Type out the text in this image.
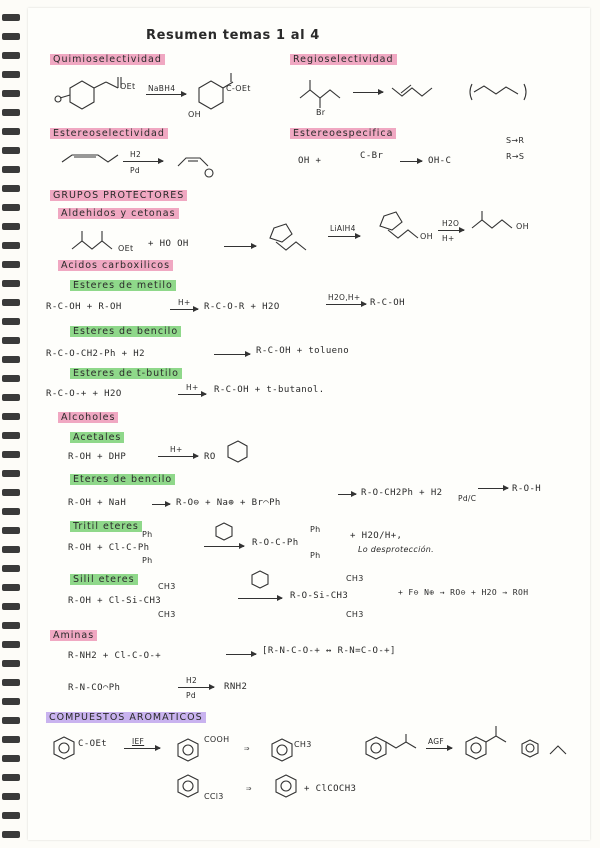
Resumen temas 1 al 4
Quimioselectividad	Regioselectividad
OEt NaBH4
OH
C-OEt
Br
Estereoselectividad	Estereoespecifica
H2
Pd
OH +	C-Br → OH-C
S→R
R→S
GRUPOS PROTECTORES
Aldehidos y cetonas
OEt + HO OH
LiAlH4
OH
H2O
H+
OH
Acidos carboxilicos
Esteres de metilo
R-C-OH + R-OH	H+ R-C-O-R + H2O
H2O,H+
R-C-OH
Esteres de bencilo
R-C-O-CH2-Ph + H2	→ R-C-OH + tolueno
Esteres de t-butilo
R-C-O-+ + H2O
H+ R-C-OH + t-butanol.
Alcoholes
Acetales
R-OH + DHP
H+
RO
Eteres de bencilo
R-OH + NaH → R-O⊖ + Na⊕ + Br⌒Ph
→ R-O-CH2Ph + H2
Pd/C
R-O-H
Tritil eteres
R-OH + Cl-C-Ph
Ph
Ph
→ R-O-C-Ph
Ph
Ph
+ H2O/H+,
Lo desprotección.
Silil eteres
R-OH + Cl-Si-CH3
CH3
CH3
→ R-O-Si-CH3
CH3
CH3
+ F⊖ N⊕ → RO⊖ + H2O → ROH
Aminas
R-NH2 + Cl-C-O-+	→ [R-N-C-O-+ ↔ R-N=C-O-+]
R-N-CO⌒Ph
H2
Pd
RNH2
COMPUESTOS AROMATICOS
C-OEt →
IEF	COOH
⇒	CH3	AGF
CCl3
⇒	+ ClCOCH3
